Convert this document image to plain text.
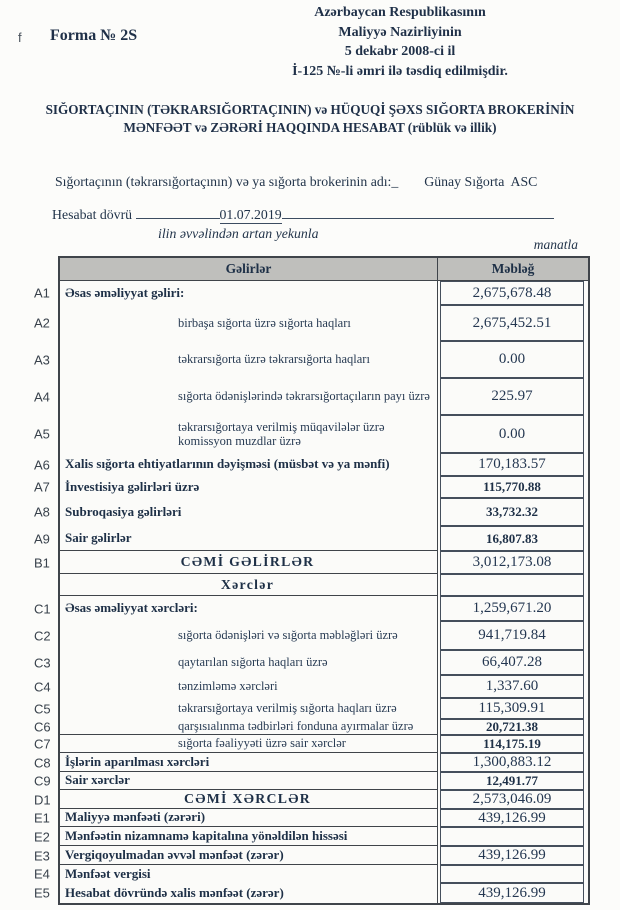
f Forma № 2S
Azərbaycan Respublikasının
Maliyyə Nazirliyinin
5 dekabr 2008-ci il
İ-125 №-li əmri ilə təsdiq edilmişdir.
SIĞORTAÇININ (TƏKRARSIĞORTAÇININ) və HÜQUQİ ŞƏXS SIĞORTA BROKERİNİN
MƏNFƏƏT və ZƏRƏRİ HAQQINDA HESABAT (rüblük və illik)
Sığortaçının (təkrarsığortaçının) və ya sığorta brokerinin adı:_ Günay Sığorta  ASC
Hesabat dövrü	01.07.2019
ilin əvvəlindən artan yekunla
manatla
Gəlirlər	Məbləğ
A1	Əsas əməliyyat gəliri:	2,675,678.48
A2	birbaşa sığorta üzrə sığorta haqları	2,675,452.51
A3	təkrarsığorta üzrə təkrarsığorta haqları	0.00
A4	sığorta ödənişlərində təkrarsığortaçıların payı üzrə	225.97
A5	təkrarsığortaya verilmiş müqavilələr üzrə komissyon muzdlar üzrə	0.00
A6	Xalis sığorta ehtiyatlarının dəyişməsi (müsbət və ya mənfi)	170,183.57
A7	İnvestisiya gəlirləri üzrə	115,770.88
A8	Subroqasiya gəlirləri	33,732.32
A9	Sair gəlirlər	16,807.83
B1	CƏMİ GƏLİRLƏR	3,012,173.08
Xərclər
C1	Əsas əməliyyat xərcləri:	1,259,671.20
C2	sığorta ödənişləri və sığorta məbləğləri üzrə	941,719.84
C3	qaytarılan sığorta haqları üzrə	66,407.28
C4	tənzimləmə xərcləri	1,337.60
C5	təkrarsığortaya verilmiş sığorta haqları üzrə	115,309.91
C6	qarşısıalınma tədbirləri fonduna ayırmalar üzrə	20,721.38
C7	sığorta fəaliyyəti üzrə sair xərclər	114,175.19
C8	İşlərin aparılması xərcləri	1,300,883.12
C9	Sair xərclər	12,491.77
D1	CƏMİ XƏRCLƏR	2,573,046.09
E1	Maliyyə mənfəəti (zərəri)	439,126.99
E2	Mənfəətin nizamnamə kapitalına yönəldilən hissəsi
E3	Vergiqoyulmadan əvvəl mənfəət (zərər)	439,126.99
E4	Mənfəət vergisi
E5	Hesabat dövründə xalis mənfəət (zərər)	439,126.99
